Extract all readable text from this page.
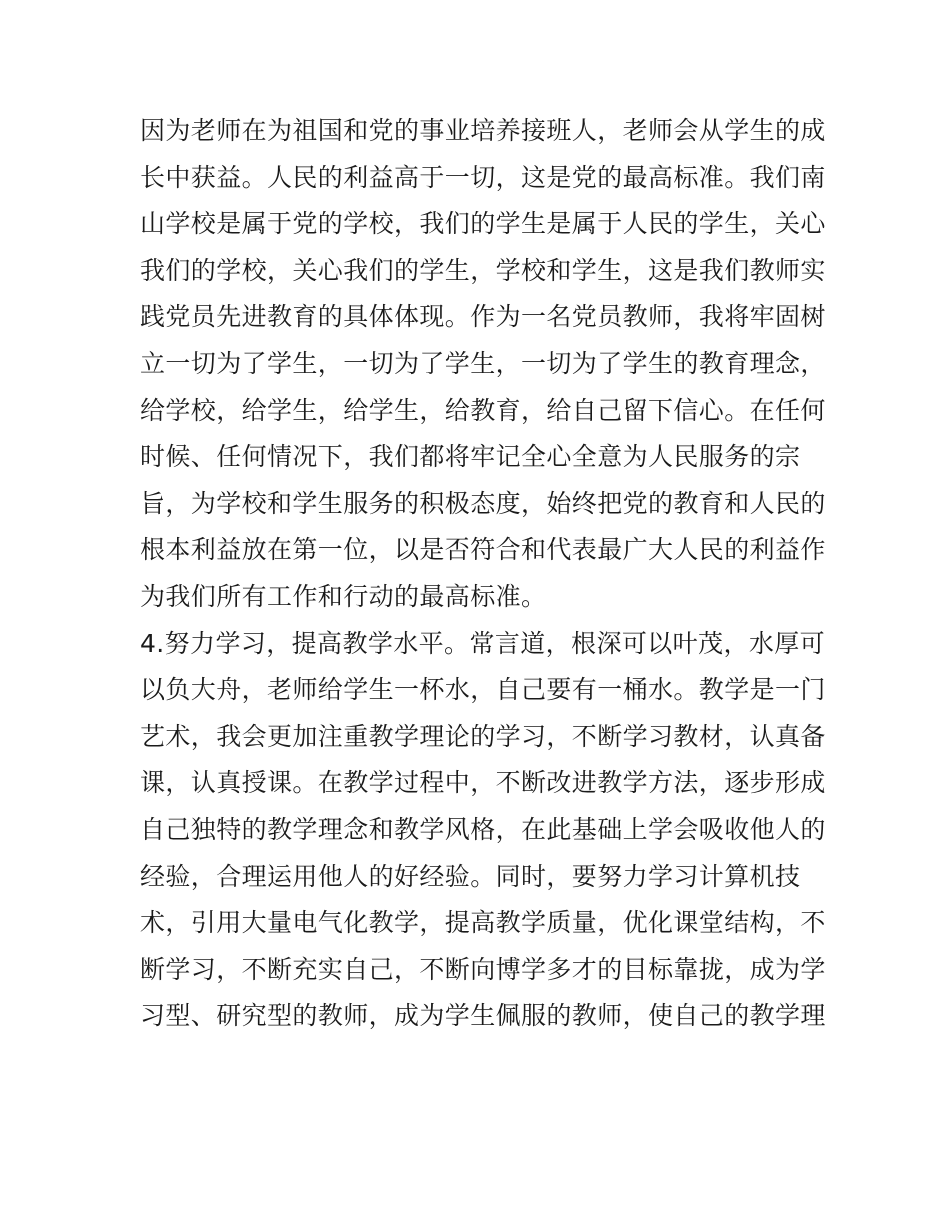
因为老师在为祖国和党的事业培养接班人，老师会从学生的成
长中获益。人民的利益高于一切，这是党的最高标准。我们南
山学校是属于党的学校，我们的学生是属于人民的学生，关心
我们的学校，关心我们的学生，学校和学生，这是我们教师实
践党员先进教育的具体体现。作为一名党员教师，我将牢固树
立一切为了学生，一切为了学生，一切为了学生的教育理念，
给学校，给学生，给学生，给教育，给自己留下信心。在任何
时候、任何情况下，我们都将牢记全心全意为人民服务的宗
旨，为学校和学生服务的积极态度，始终把党的教育和人民的
根本利益放在第一位，以是否符合和代表最广大人民的利益作
为我们所有工作和行动的最高标准。
4.努力学习，提高教学水平。常言道，根深可以叶茂，水厚可
以负大舟，老师给学生一杯水，自己要有一桶水。教学是一门
艺术，我会更加注重教学理论的学习，不断学习教材，认真备
课，认真授课。在教学过程中，不断改进教学方法，逐步形成
自己独特的教学理念和教学风格，在此基础上学会吸收他人的
经验，合理运用他人的好经验。同时，要努力学习计算机技
术，引用大量电气化教学，提高教学质量，优化课堂结构，不
断学习，不断充实自己，不断向博学多才的目标靠拢，成为学
习型、研究型的教师，成为学生佩服的教师，使自己的教学理
